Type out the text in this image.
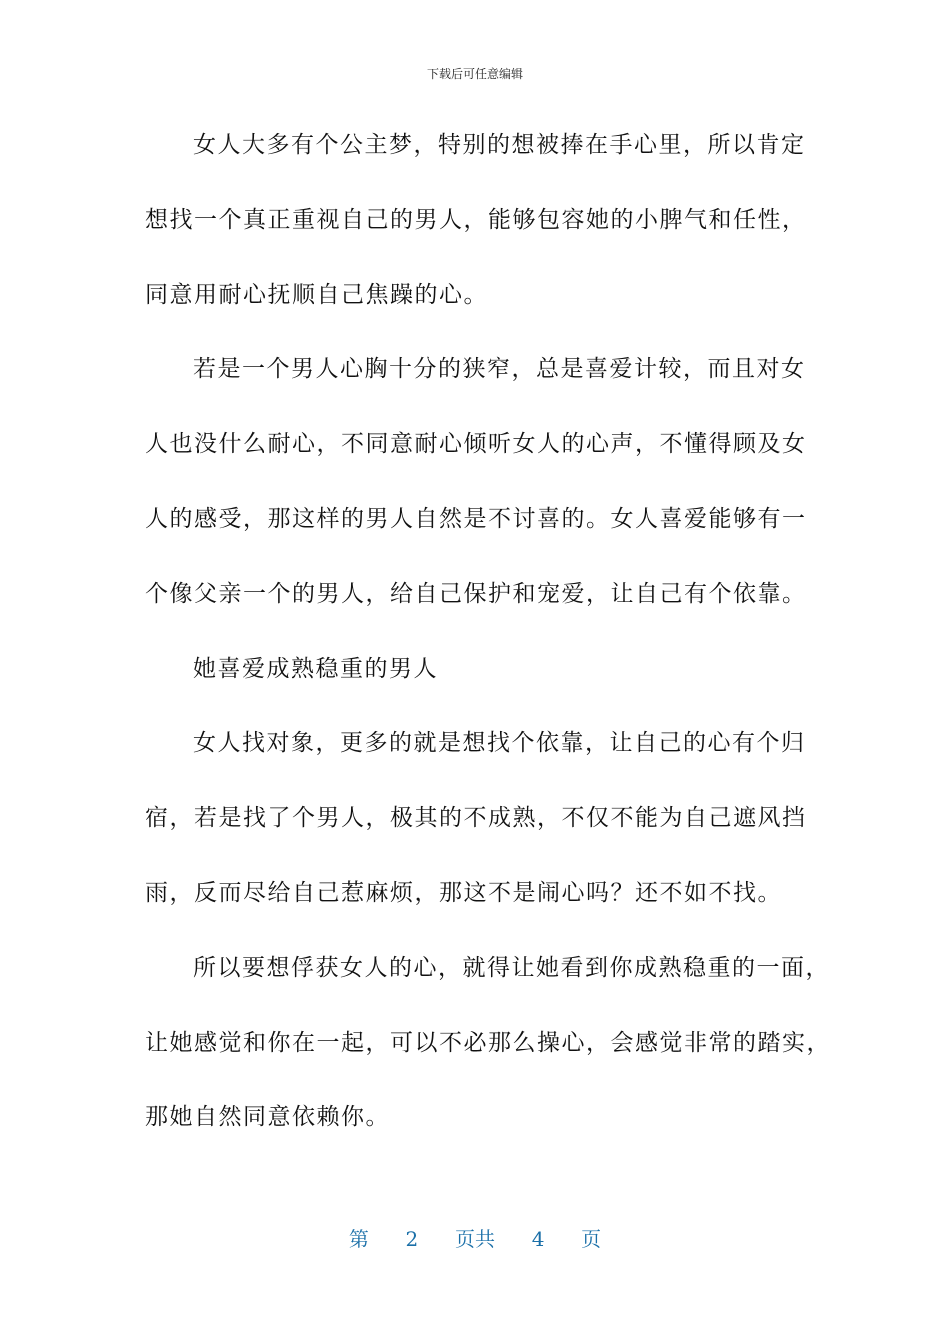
下载后可任意编辑
女人大多有个公主梦，特别的想被捧在手心里，所以肯定
想找一个真正重视自己的男人，能够包容她的小脾气和任性，
同意用耐心抚顺自己焦躁的心。
若是一个男人心胸十分的狭窄，总是喜爱计较，而且对女
人也没什么耐心，不同意耐心倾听女人的心声，不懂得顾及女
人的感受，那这样的男人自然是不讨喜的。女人喜爱能够有一
个像父亲一个的男人，给自己保护和宠爱，让自己有个依靠。
她喜爱成熟稳重的男人
女人找对象，更多的就是想找个依靠，让自己的心有个归
宿，若是找了个男人，极其的不成熟，不仅不能为自己遮风挡
雨，反而尽给自己惹麻烦，那这不是闹心吗？还不如不找。
所以要想俘获女人的心，就得让她看到你成熟稳重的一面，
让她感觉和你在一起，可以不必那么操心，会感觉非常的踏实，
那她自然同意依赖你。
第 2 页共 4 页
